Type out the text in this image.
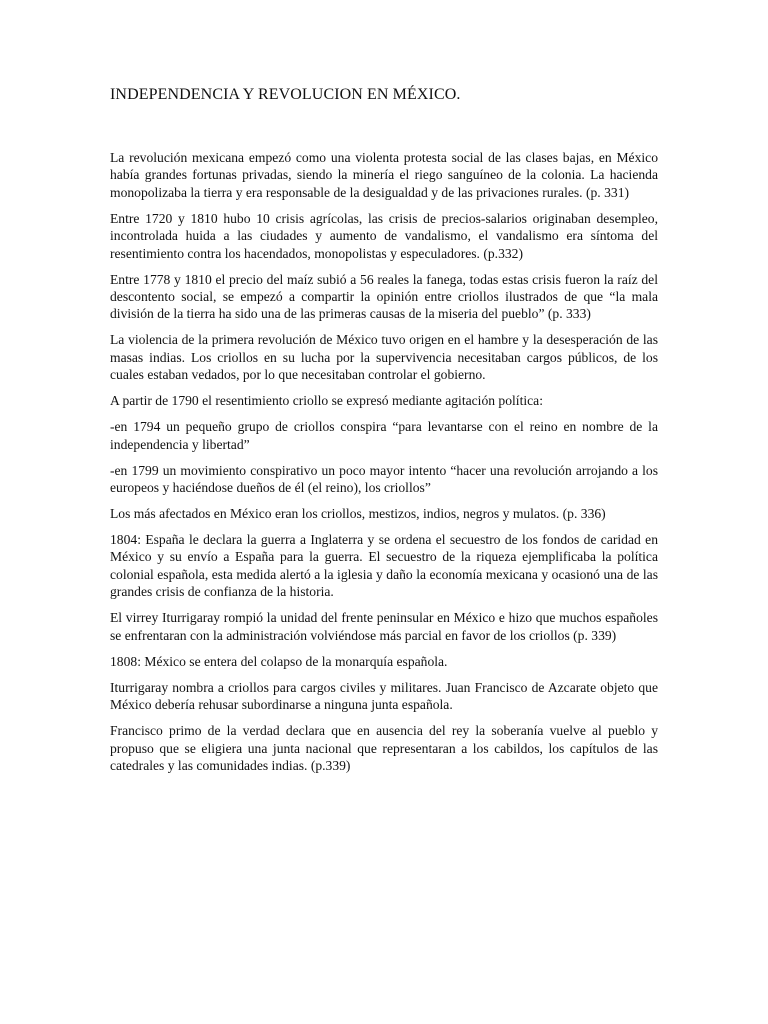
INDEPENDENCIA Y REVOLUCION EN MÉXICO.

La revolución mexicana empezó como una violenta protesta social de las clases bajas, en México había grandes fortunas privadas, siendo la minería el riego sanguíneo de la colonia. La hacienda monopolizaba la tierra y era responsable de la desigualdad y de las privaciones rurales. (p. 331)

Entre 1720 y 1810 hubo 10 crisis agrícolas, las crisis de precios-salarios originaban desempleo, incontrolada huida a las ciudades y aumento de vandalismo, el vandalismo era síntoma del resentimiento contra los hacendados, monopolistas y especuladores. (p.332)

Entre 1778 y 1810 el precio del maíz subió a 56 reales la fanega, todas estas crisis fueron la raíz del descontento social, se empezó a compartir la opinión entre criollos ilustrados de que “la mala división de la tierra ha sido una de las primeras causas de la miseria del pueblo” (p. 333)

La violencia de la primera revolución de México tuvo origen en el hambre y la desesperación de las masas indias. Los criollos en su lucha por la supervivencia necesitaban cargos públicos, de los cuales estaban vedados, por lo que necesitaban controlar el gobierno.

A partir de 1790 el resentimiento criollo se expresó mediante agitación política:

-en 1794 un pequeño grupo de criollos conspira “para levantarse con el reino en nombre de la independencia y libertad”

-en 1799 un movimiento conspirativo un poco mayor intento “hacer una revolución arrojando a los europeos y haciéndose dueños de él (el reino), los criollos”

Los más afectados en México eran los criollos, mestizos, indios, negros y mulatos. (p. 336)

1804: España le declara la guerra a Inglaterra y se ordena el secuestro de los fondos de caridad en México y su envío a España para la guerra. El secuestro de la riqueza ejemplificaba la política colonial española, esta medida alertó a la iglesia y daño la economía mexicana y ocasionó una de las grandes crisis de confianza de la historia.

El virrey Iturrigaray rompió la unidad del frente peninsular en México e hizo que muchos españoles se enfrentaran con la administración volviéndose más parcial en favor de los criollos (p. 339)

1808: México se entera del colapso de la monarquía española.

Iturrigaray nombra a criollos para cargos civiles y militares. Juan Francisco de Azcarate objeto que México debería rehusar subordinarse a ninguna junta española.

Francisco primo de la verdad declara que en ausencia del rey la soberanía vuelve al pueblo y propuso que se eligiera una junta nacional que representaran a los cabildos, los capítulos de las catedrales y las comunidades indias. (p.339)
